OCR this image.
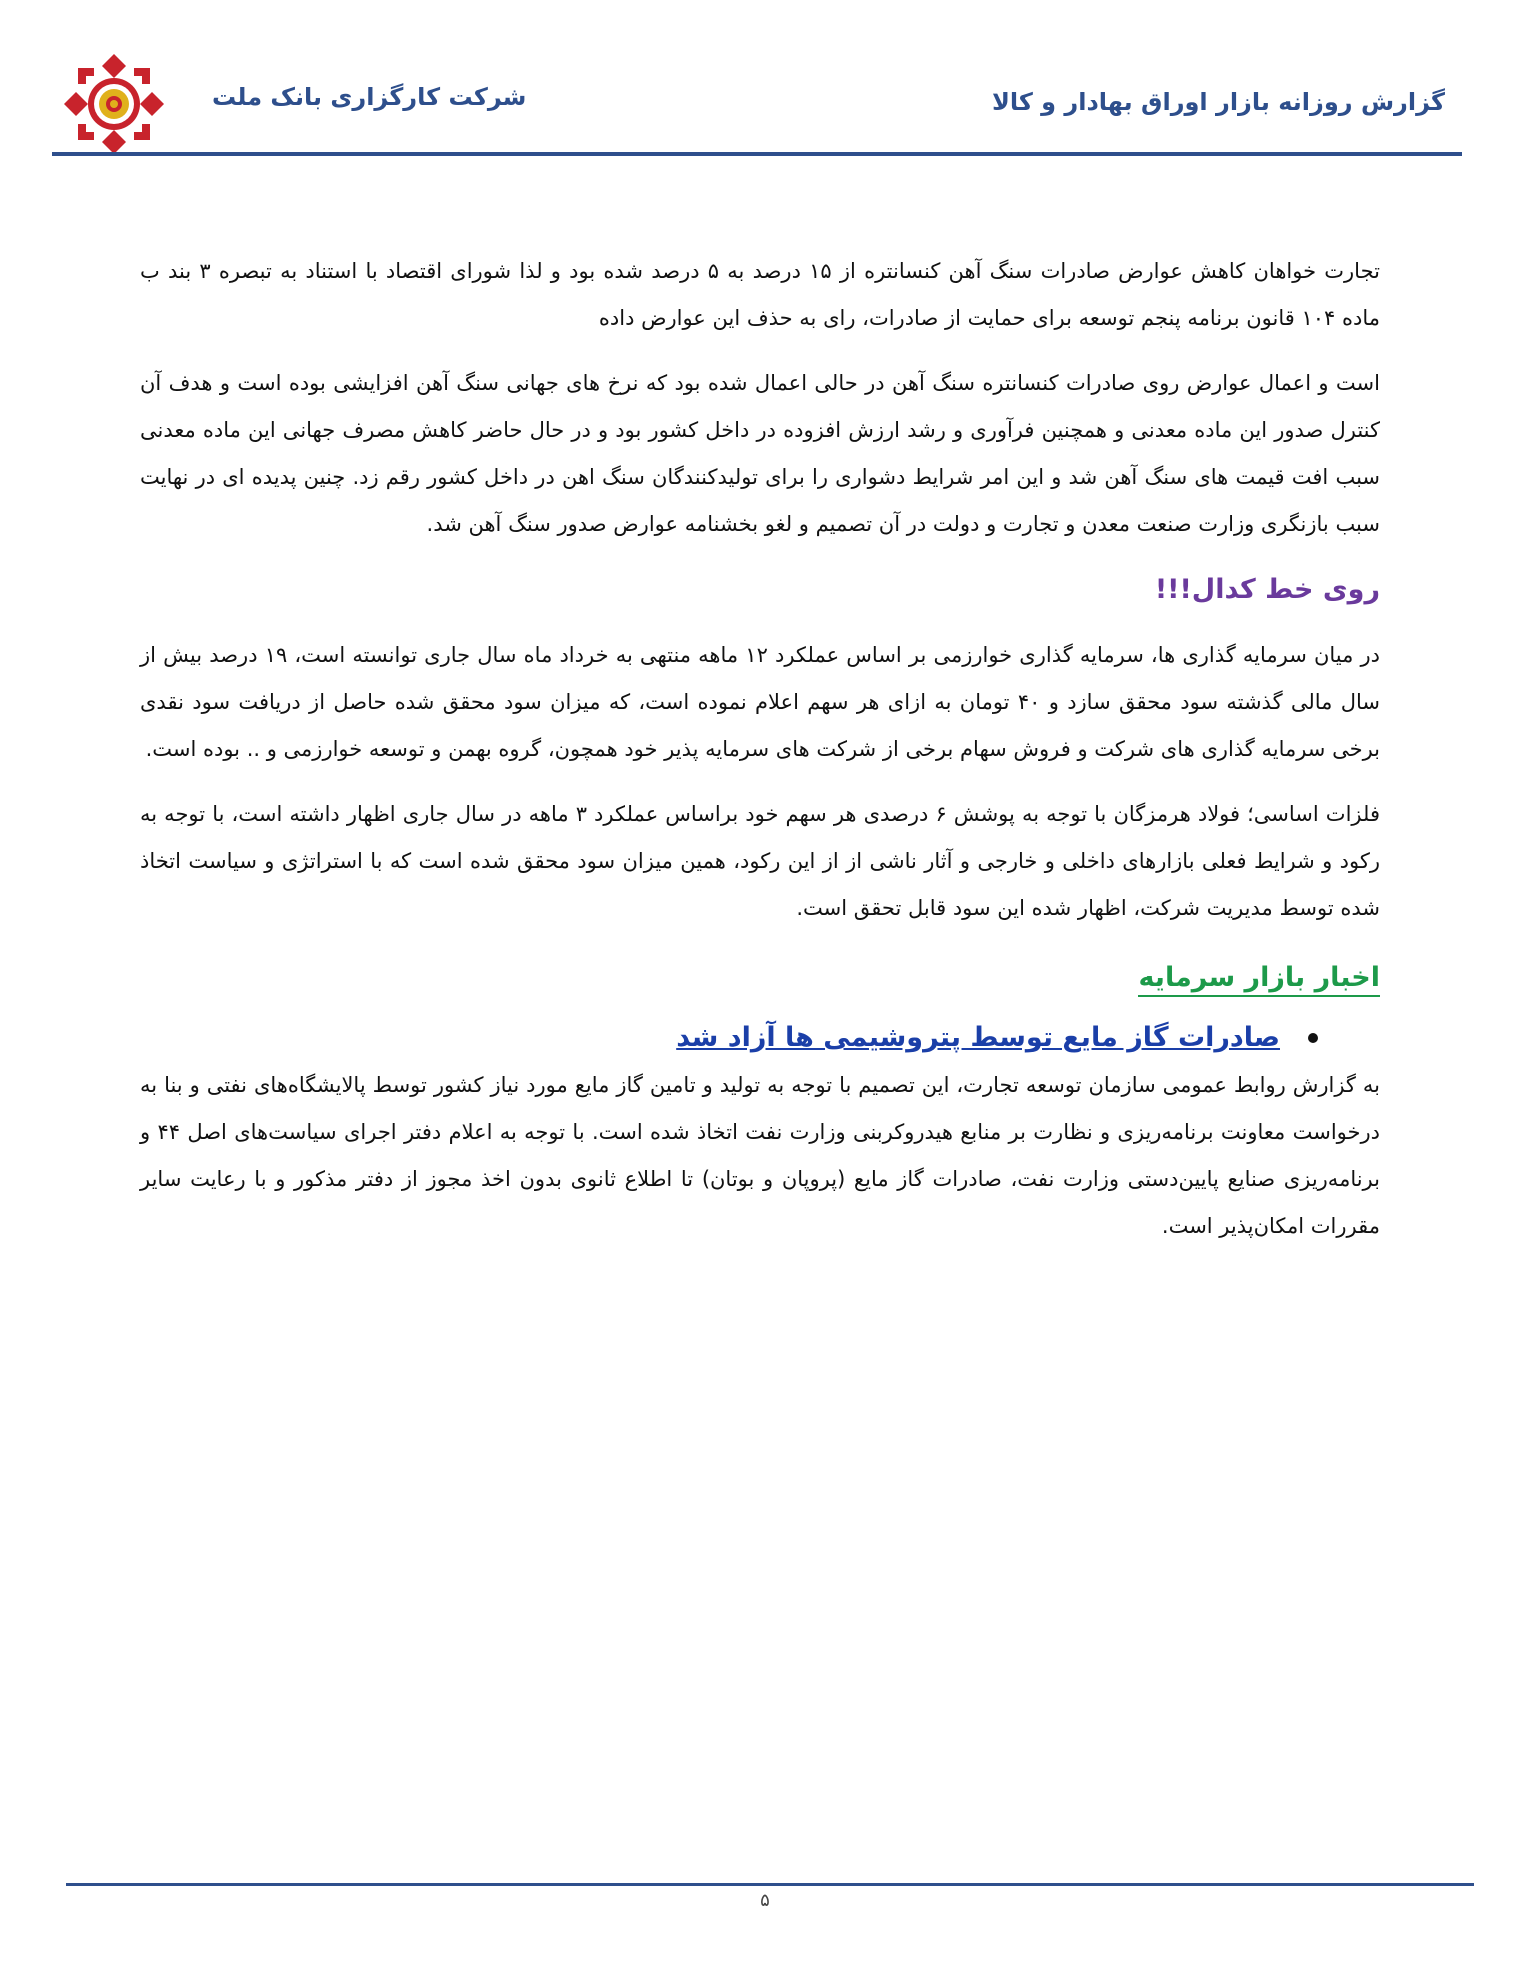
شرکت کارگزاری بانک ملت	گزارش روزانه بازار اوراق بهادار و کالا

تجارت خواهان کاهش عوارض صادرات سنگ آهن کنسانتره از ۱۵ درصد به ۵ درصد شده بود و لذا شورای اقتصاد با استناد به تبصره ۳ بند ب ماده ۱۰۴ قانون برنامه پنجم توسعه برای حمایت از صادرات، رای به حذف این عوارض داده

است و اعمال عوارض روی صادرات کنسانتره سنگ آهن در حالی اعمال شده بود که نرخ های جهانی سنگ آهن افزایشی بوده است و هدف آن کنترل صدور این ماده معدنی و همچنین فرآوری و رشد ارزش افزوده در داخل کشور بود و در حال حاضر کاهش مصرف جهانی این ماده معدنی سبب افت قیمت های سنگ آهن شد و این امر شرایط دشواری را برای تولیدکنندگان سنگ اهن در داخل کشور رقم زد. چنین پدیده ای در نهایت سبب بازنگری وزارت صنعت معدن و تجارت و دولت در آن تصمیم و لغو بخشنامه عوارض صدور سنگ آهن شد.

روی خط کدال!!!

در میان سرمایه گذاری ها، سرمایه گذاری خوارزمی بر اساس عملکرد ۱۲ ماهه منتهی به خرداد ماه سال جاری توانسته است، ۱۹ درصد بیش از سال مالی گذشته سود محقق سازد و ۴۰ تومان به ازای هر سهم اعلام نموده است، که میزان سود محقق شده حاصل از دریافت سود نقدی برخی سرمایه گذاری های شرکت و فروش سهام برخی از شرکت های سرمایه پذیر خود همچون، گروه بهمن و توسعه خوارزمی و .. بوده است.

فلزات اساسی؛ فولاد هرمزگان با توجه به پوشش ۶ درصدی هر سهم خود براساس عملکرد ۳ ماهه در سال جاری اظهار داشته است، با توجه به رکود و شرایط فعلی بازارهای داخلی و خارجی و آثار ناشی از از این رکود، همین میزان سود محقق شده است که با استراتژی و سیاست اتخاذ شده توسط مدیریت شرکت، اظهار شده این سود قابل تحقق است.

اخبار بازار سرمایه
صادرات گاز مایع توسط پتروشیمی ها آزاد شد

به گزارش روابط عمومی سازمان توسعه تجارت، این تصمیم با توجه به تولید و تامین گاز مایع مورد نیاز کشور توسط پالایشگاه‌های نفتی و بنا به درخواست معاونت برنامه‌ریزی و نظارت بر منابع هیدروکربنی وزارت نفت اتخاذ شده است. با توجه به اعلام دفتر اجرای سیاست‌های اصل ۴۴ و برنامه‌ریزی صنایع پایین‌دستی وزارت نفت، صادرات گاز مایع (پروپان و بوتان) تا اطلاع ثانوی بدون اخذ مجوز از دفتر مذکور و با رعایت سایر مقررات امکان‌پذیر است.

۵
